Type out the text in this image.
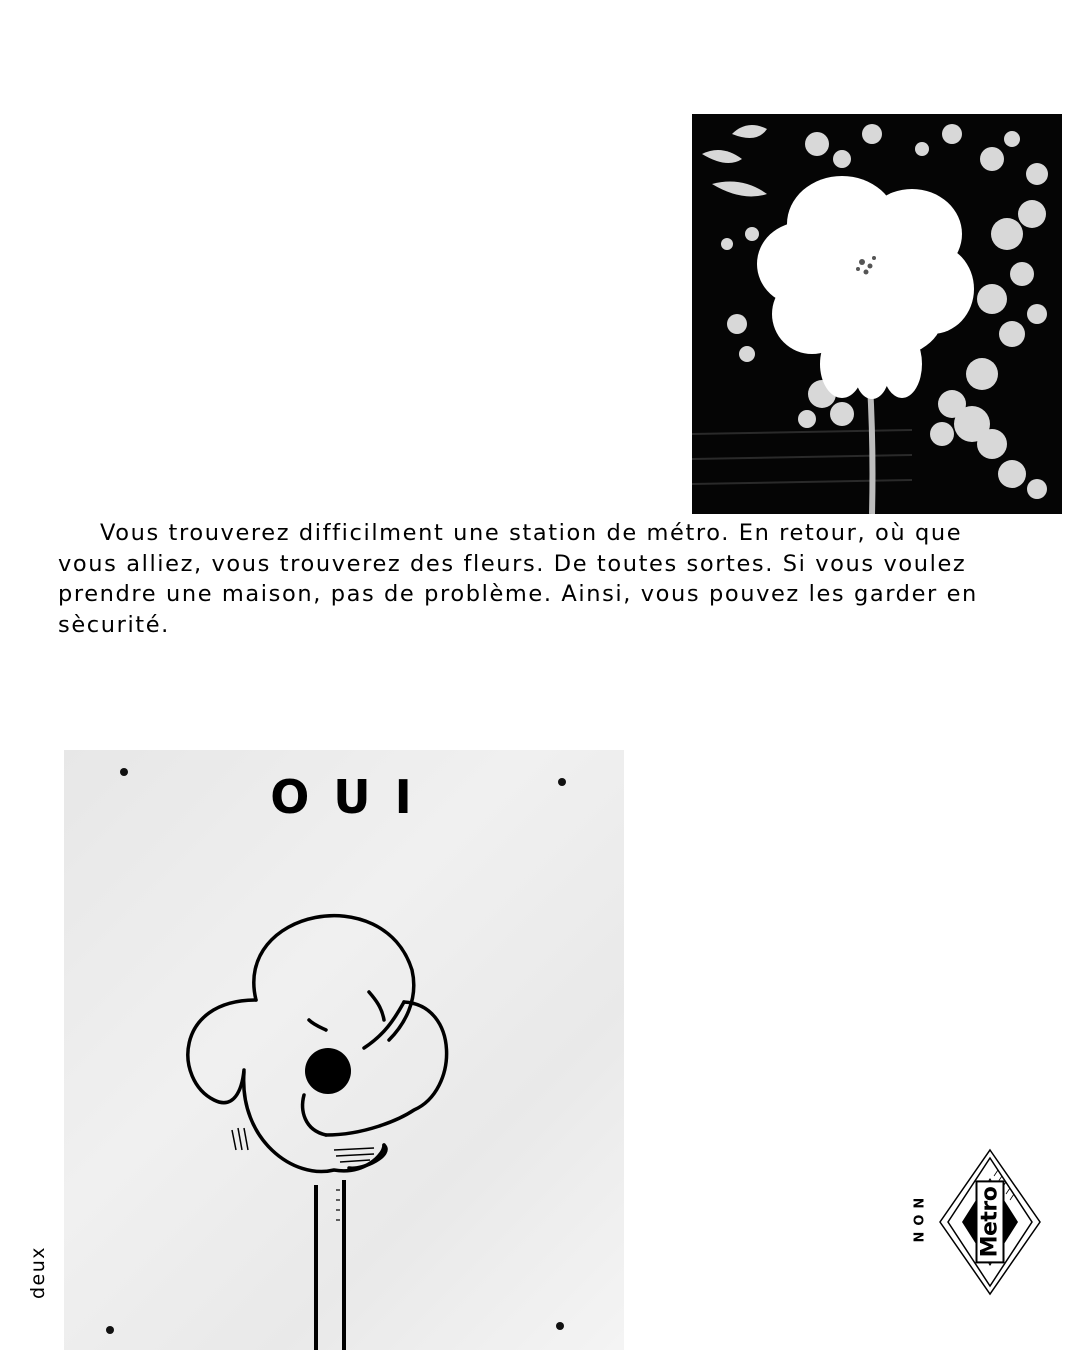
Vous trouverez difficilment une station de métro. En retour, où que vous alliez, vous trouverez des fleurs. De toutes sortes. Si vous voulez prendre une maison, pas de problème. Ainsi, vous pouvez les garder en sècurité.

OUI
deux
NON Metro
